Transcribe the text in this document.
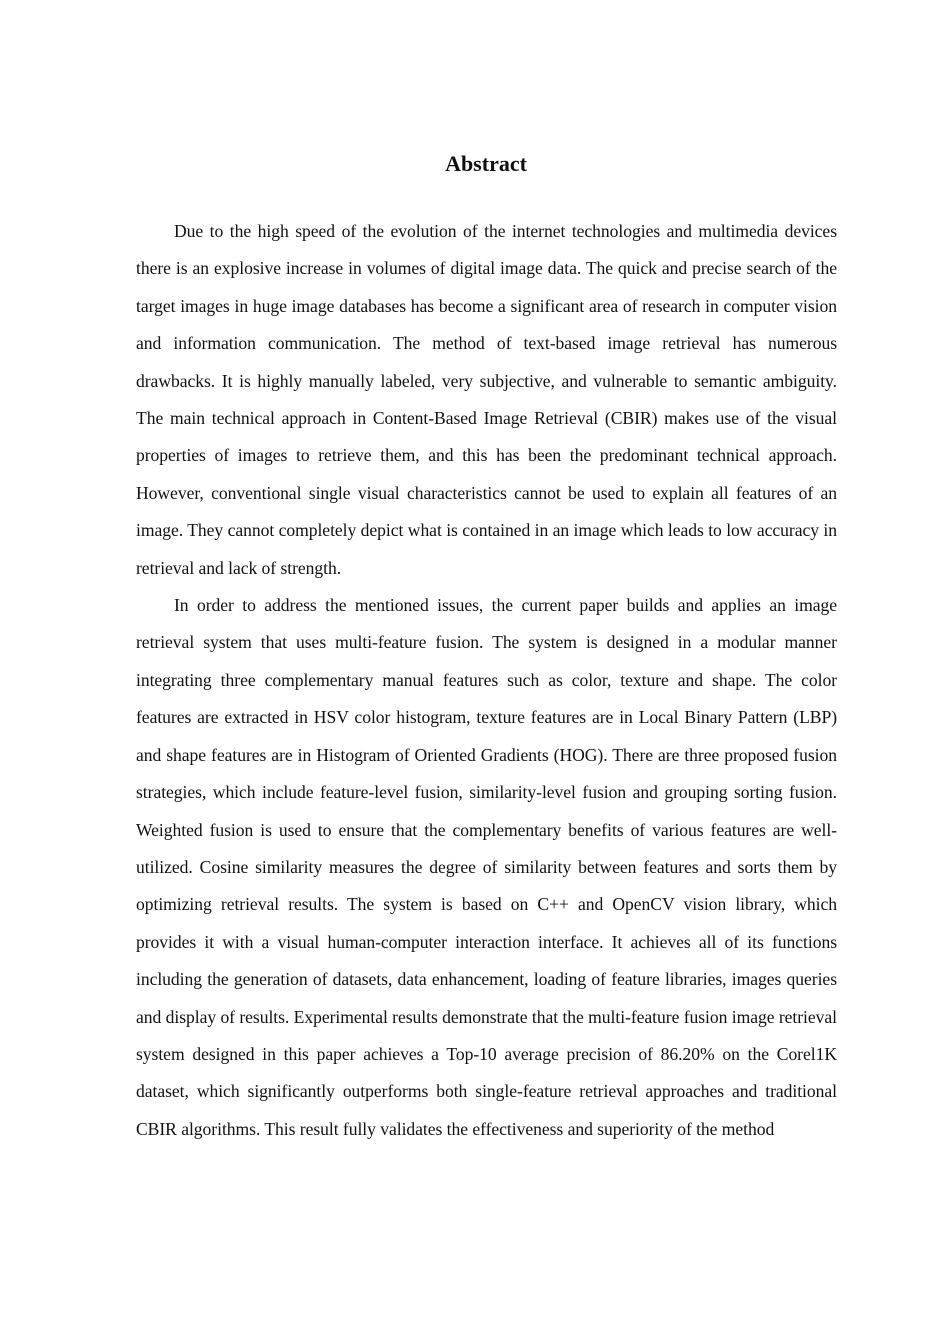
Abstract

Due to the high speed of the evolution of the internet technologies and multimedia devices there is an explosive increase in volumes of digital image data. The quick and precise search of the target images in huge image databases has become a significant area of research in computer vision and information communication. The method of text-based image retrieval has numerous drawbacks. It is highly manually labeled, very subjective, and vulnerable to semantic ambiguity. The main technical approach in Content-Based Image Retrieval (CBIR) makes use of the visual properties of images to retrieve them, and this has been the predominant technical approach. However, conventional single visual characteristics cannot be used to explain all features of an image. They cannot completely depict what is contained in an image which leads to low accuracy in retrieval and lack of strength.

In order to address the mentioned issues, the current paper builds and applies an image retrieval system that uses multi-feature fusion. The system is designed in a modular manner integrating three complementary manual features such as color, texture and shape. The color features are extracted in HSV color histogram, texture features are in Local Binary Pattern (LBP) and shape features are in Histogram of Oriented Gradients (HOG). There are three proposed fusion strategies, which include feature-level fusion, similarity-level fusion and grouping sorting fusion. Weighted fusion is used to ensure that the complementary benefits of various features are well-utilized. Cosine similarity measures the degree of similarity between features and sorts them by optimizing retrieval results. The system is based on C++ and OpenCV vision library, which provides it with a visual human-computer interaction interface. It achieves all of its functions including the generation of datasets, data enhancement, loading of feature libraries, images queries and display of results. Experimental results demonstrate that the multi-feature fusion image retrieval system designed in this paper achieves a Top-10 average precision of 86.20% on the Corel1K dataset, which significantly outperforms both single-feature retrieval approaches and traditional CBIR algorithms. This result fully validates the effectiveness and superiority of the method
